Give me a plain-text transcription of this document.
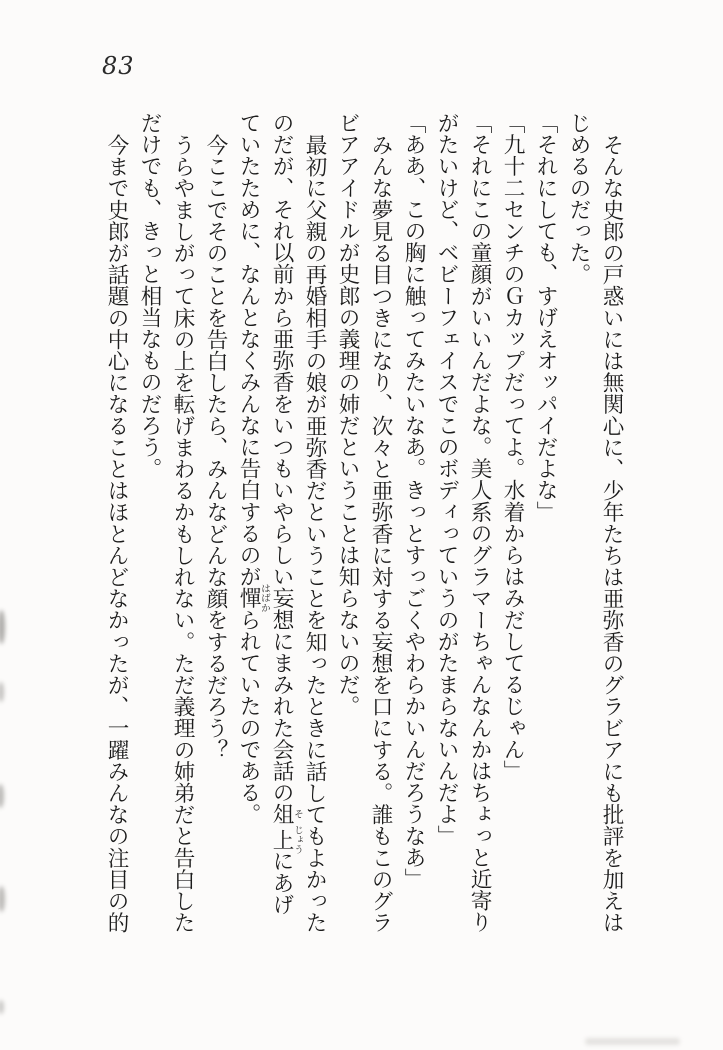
83

そんな史郎の戸惑いには無関心に、少年たちは亜弥香のグラビアにも批評を加えはじめるのだった。

「それにしても、すげえオッパイだよな」

「九十二センチのＧカップだってよ。水着からはみだしてるじゃん」

「それにこの童顔がいいんだよな。美人系のグラマーちゃんなんかはちょっと近寄りがたいけど、ベビーフェイスでこのボディっていうのがたまらないんだよ」

「ああ、この胸に触ってみたいなあ。きっとすっごくやわらかいんだろうなあ」

みんな夢見る目つきになり、次々と亜弥香に対する妄想を口にする。誰もこのグラビアアイドルが史郎の義理の姉だということは知らないのだ。

最初に父親の再婚相手の娘が亜弥香だということを知ったときに話してもよかったのだが、それ以前から亜弥香をいつもいやらしい妄想にまみれた会話の俎そ上じょうにあげていたために、なんとなくみんなに告白するのが憚はばかられていたのである。

今ここでそのことを告白したら、みんなどんな顔をするだろう？

うらやましがって床の上を転げまわるかもしれない。ただ義理の姉弟だと告白しただけでも、きっと相当なものだろう。

今まで史郎が話題の中心になることはほとんどなかったが、一躍みんなの注目の的
